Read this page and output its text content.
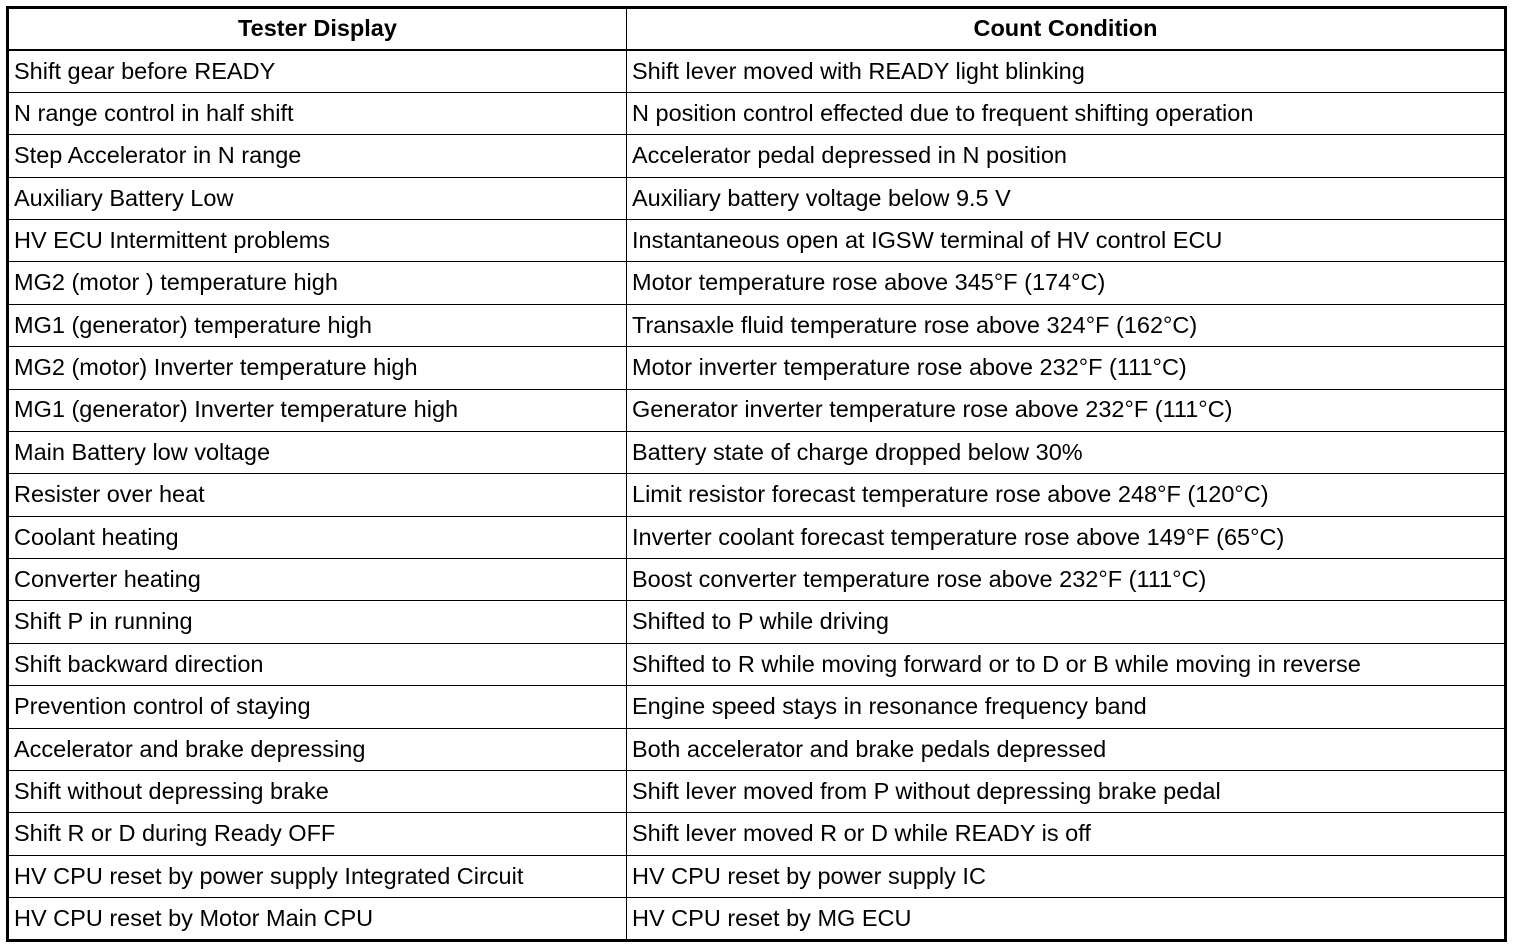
Tester Display	Count Condition
Shift gear before READY	Shift lever moved with READY light blinking
N range control in half shift	N position control effected due to frequent shifting operation
Step Accelerator in N range	Accelerator pedal depressed in N position
Auxiliary Battery Low	Auxiliary battery voltage below 9.5 V
HV ECU Intermittent problems	Instantaneous open at IGSW terminal of HV control ECU
MG2 (motor ) temperature high	Motor temperature rose above 345°F (174°C)
MG1 (generator) temperature high	Transaxle fluid temperature rose above 324°F (162°C)
MG2 (motor) Inverter temperature high	Motor inverter temperature rose above 232°F (111°C)
MG1 (generator) Inverter temperature high	Generator inverter temperature rose above 232°F (111°C)
Main Battery low voltage	Battery state of charge dropped below 30%
Resister over heat	Limit resistor forecast temperature rose above 248°F (120°C)
Coolant heating	Inverter coolant forecast temperature rose above 149°F (65°C)
Converter heating	Boost converter temperature rose above 232°F (111°C)
Shift P in running	Shifted to P while driving
Shift backward direction	Shifted to R while moving forward or to D or B while moving in reverse
Prevention control of staying	Engine speed stays in resonance frequency band
Accelerator and brake depressing	Both accelerator and brake pedals depressed
Shift without depressing brake	Shift lever moved from P without depressing brake pedal
Shift R or D during Ready OFF	Shift lever moved R or D while READY is off
HV CPU reset by power supply Integrated Circuit	HV CPU reset by power supply IC
HV CPU reset by Motor Main CPU	HV CPU reset by MG ECU
